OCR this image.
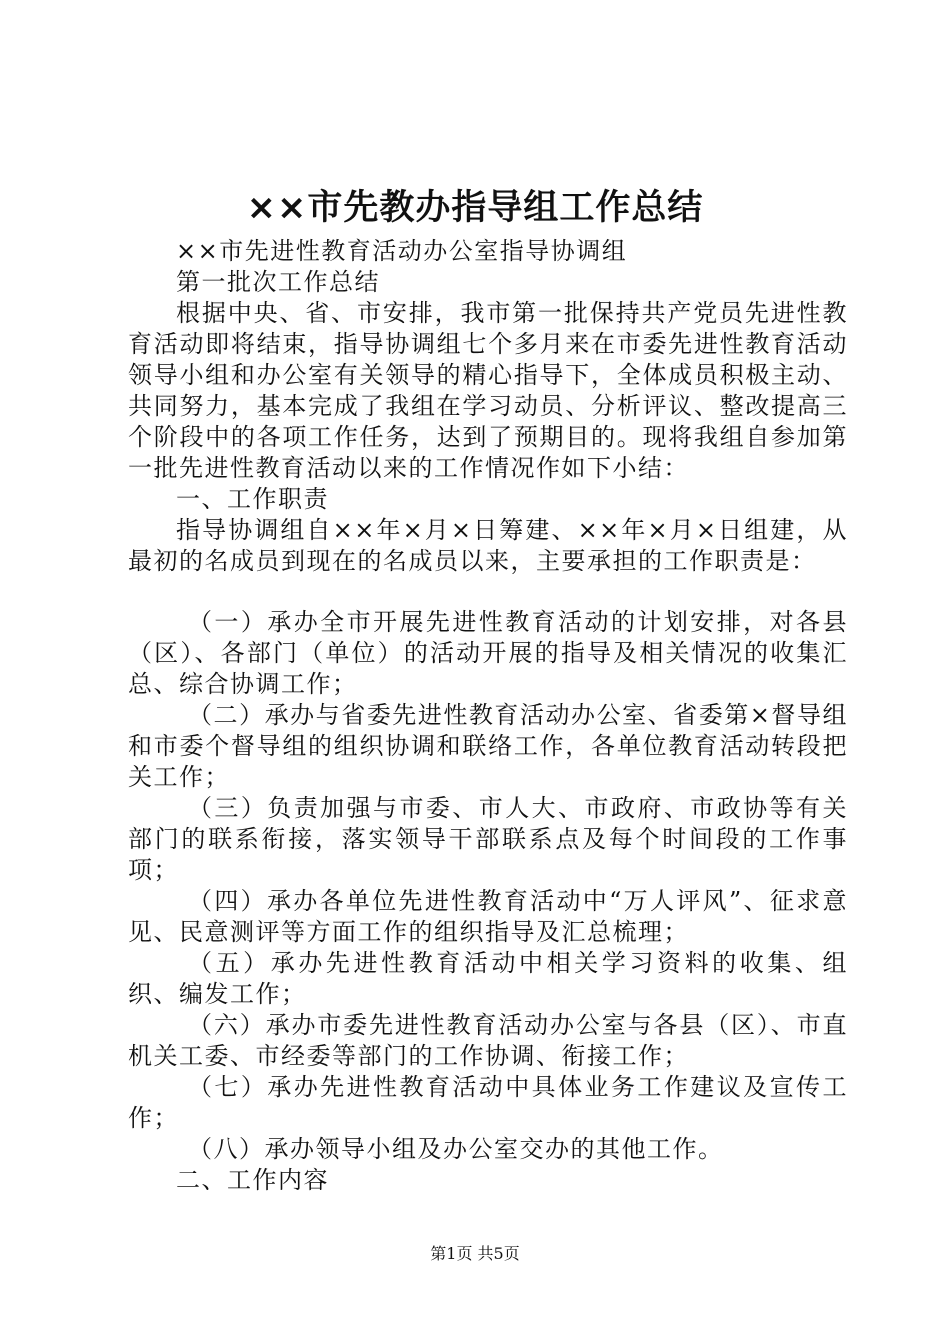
××市先教办指导组工作总结

××市先进性教育活动办公室指导协调组

第一批次工作总结

根据中央、省、市安排，我市第一批保持共产党员先进性教育活动即将结束，指导协调组七个多月来在市委先进性教育活动领导小组和办公室有关领导的精心指导下，全体成员积极主动、共同努力，基本完成了我组在学习动员、分析评议、整改提高三个阶段中的各项工作任务，达到了预期目的。现将我组自参加第一批先进性教育活动以来的工作情况作如下小结：

一、工作职责

指导协调组自××年×月×日筹建、××年×月×日组建，从最初的名成员到现在的名成员以来，主要承担的工作职责是：

（一）承办全市开展先进性教育活动的计划安排，对各县（区）、各部门（单位）的活动开展的指导及相关情况的收集汇总、综合协调工作；

（二）承办与省委先进性教育活动办公室、省委第×督导组和市委个督导组的组织协调和联络工作，各单位教育活动转段把关工作；

（三）负责加强与市委、市人大、市政府、市政协等有关部门的联系衔接，落实领导干部联系点及每个时间段的工作事项；

（四）承办各单位先进性教育活动中“万人评风”、征求意见、民意测评等方面工作的组织指导及汇总梳理；

（五）承办先进性教育活动中相关学习资料的收集、组织、编发工作；

（六）承办市委先进性教育活动办公室与各县（区）、市直机关工委、市经委等部门的工作协调、衔接工作；

（七）承办先进性教育活动中具体业务工作建议及宣传工作；

（八）承办领导小组及办公室交办的其他工作。

二、工作内容

第1页 共5页
